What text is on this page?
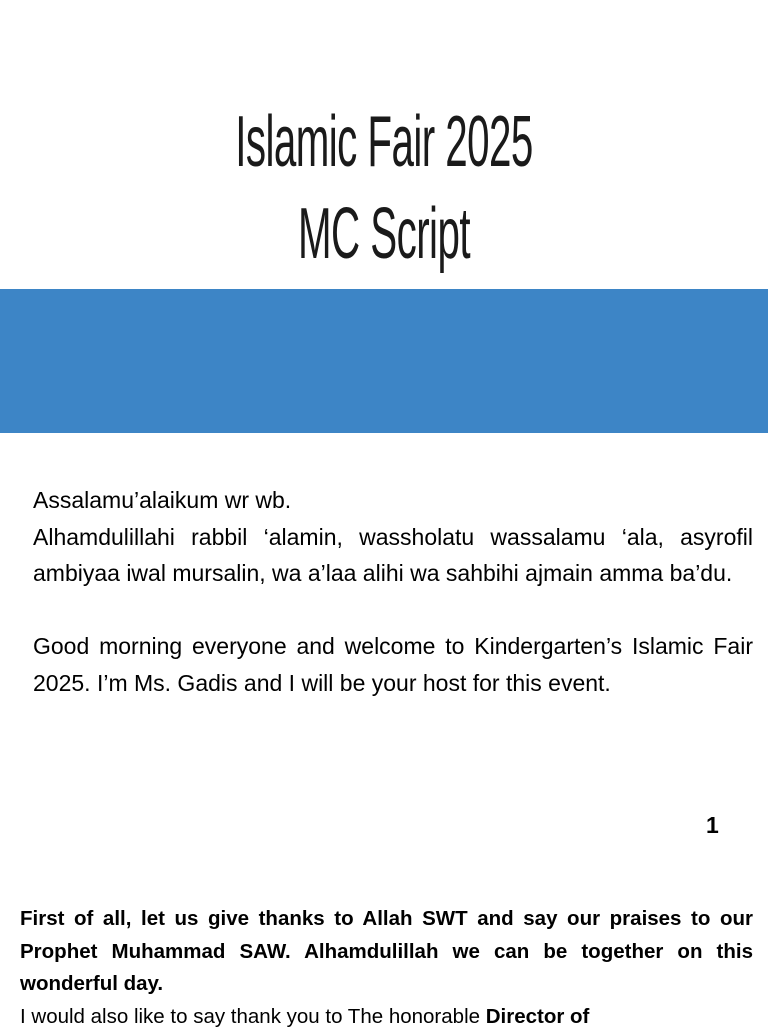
Islamic Fair 2025
MC Script

Assalamu’alaikum wr wb.

Alhamdulillahi rabbil ‘alamin, wassholatu wassalamu ‘ala, asyrofil ambiyaa iwal mursalin, wa a’laa alihi wa sahbihi ajmain amma ba’du.

Good morning everyone and welcome to Kindergarten’s Islamic Fair 2025. I’m Ms. Gadis and I will be your host for this event.

1

First of all, let us give thanks to Allah SWT and say our praises to our Prophet Muhammad SAW. Alhamdulillah we can be together on this wonderful day.

I would also like to say thank you to The honorable Director of
